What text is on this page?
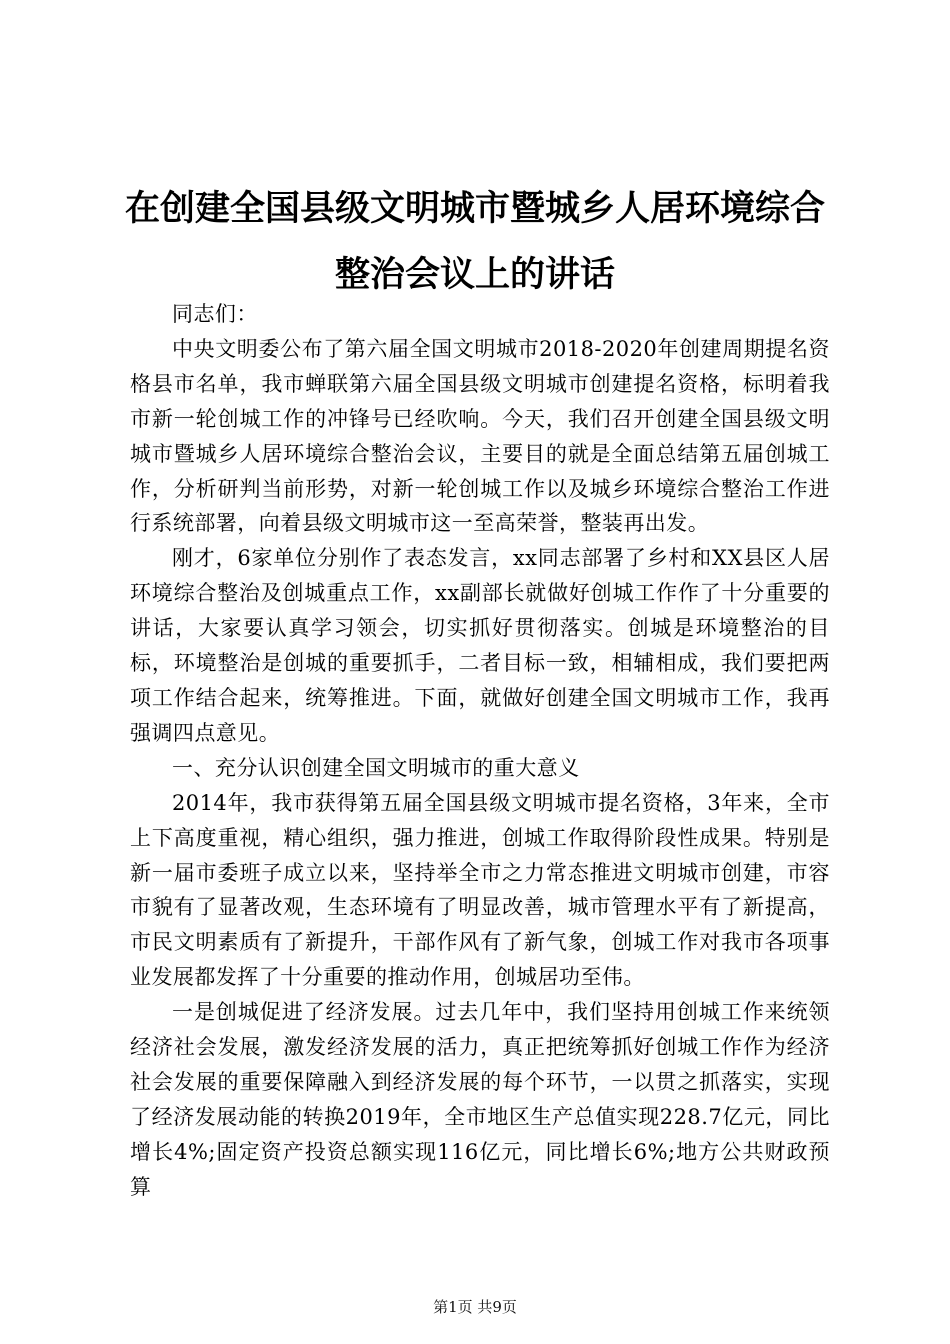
在创建全国县级文明城市暨城乡人居环境综合
整治会议上的讲话

同志们：

中央文明委公布了第六届全国文明城市2018-2020年创建周期提名资格县市名单，我市蝉联第六届全国县级文明城市创建提名资格，标明着我市新一轮创城工作的冲锋号已经吹响。今天，我们召开创建全国县级文明城市暨城乡人居环境综合整治会议，主要目的就是全面总结第五届创城工作，分析研判当前形势，对新一轮创城工作以及城乡环境综合整治工作进行系统部署，向着县级文明城市这一至高荣誉，整装再出发。

刚才，6家单位分别作了表态发言，xx同志部署了乡村和XX县区人居环境综合整治及创城重点工作，xx副部长就做好创城工作作了十分重要的讲话，大家要认真学习领会，切实抓好贯彻落实。创城是环境整治的目标，环境整治是创城的重要抓手，二者目标一致，相辅相成，我们要把两项工作结合起来，统筹推进。下面，就做好创建全国文明城市工作，我再强调四点意见。

一、充分认识创建全国文明城市的重大意义

2014年，我市获得第五届全国县级文明城市提名资格，3年来，全市上下高度重视，精心组织，强力推进，创城工作取得阶段性成果。特别是新一届市委班子成立以来，坚持举全市之力常态推进文明城市创建，市容市貌有了显著改观，生态环境有了明显改善，城市管理水平有了新提高，市民文明素质有了新提升，干部作风有了新气象，创城工作对我市各项事业发展都发挥了十分重要的推动作用，创城居功至伟。

一是创城促进了经济发展。过去几年中，我们坚持用创城工作来统领经济社会发展，激发经济发展的活力，真正把统筹抓好创城工作作为经济社会发展的重要保障融入到经济发展的每个环节，一以贯之抓落实，实现了经济发展动能的转换2019年，全市地区生产总值实现228.7亿元，同比增长4%;固定资产投资总额实现116亿元，同比增长6%;地方公共财政预算

第1页 共9页
